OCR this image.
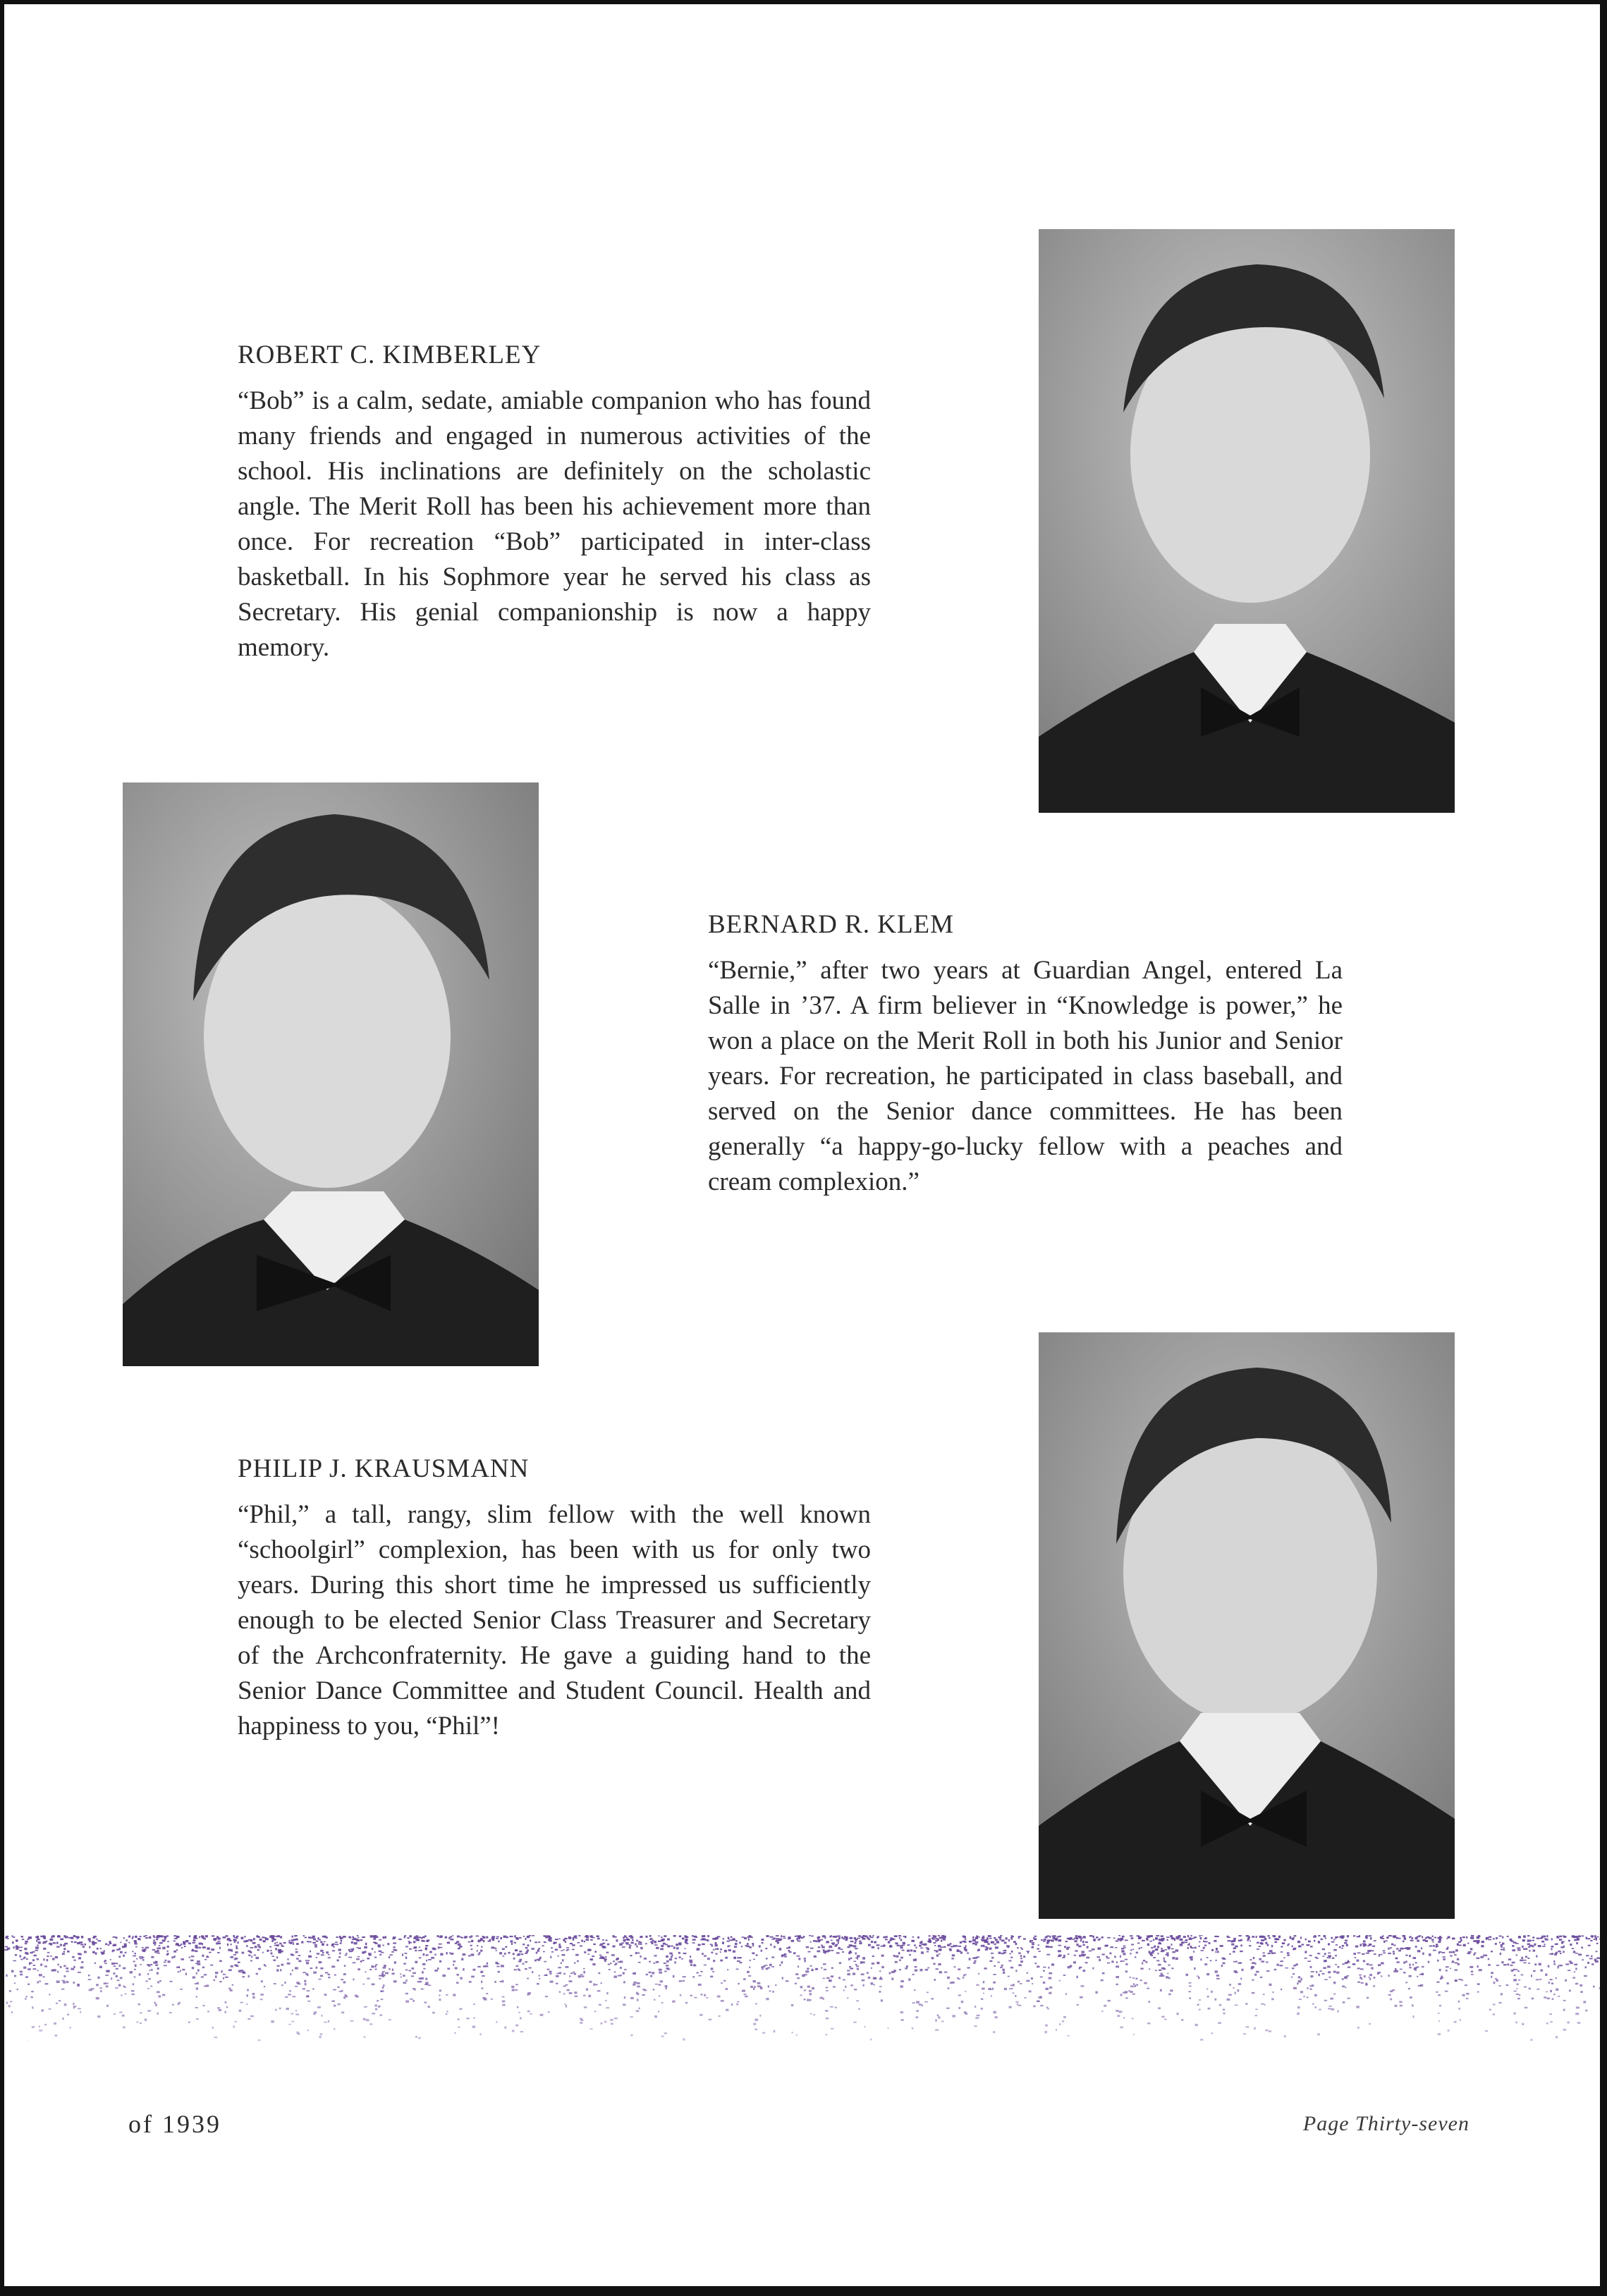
ROBERT C. KIMBERLEY
“Bob” is a calm, sedate, amiable companion who has found many friends and engaged in numerous activities of the school. His inclinations are definitely on the scholastic angle. The Merit Roll has been his achievement more than once. For recreation “Bob” participated in inter-class basketball. In his Sophmore year he served his class as Secretary. His genial companionship is now a happy memory.
BERNARD R. KLEM
“Bernie,” after two years at Guardian Angel, entered La Salle in ’37. A firm believer in “Knowledge is power,” he won a place on the Merit Roll in both his Junior and Senior years. For recreation, he participated in class baseball, and served on the Senior dance committees. He has been generally “a happy-go-lucky fellow with a peaches and cream complexion.”
PHILIP J. KRAUSMANN
“Phil,” a tall, rangy, slim fellow with the well known “schoolgirl” complexion, has been with us for only two years. During this short time he impressed us sufficiently enough to be elected Senior Class Treasurer and Secretary of the Archconfraternity. He gave a guiding hand to the Senior Dance Committee and Student Council. Health and happiness to you, “Phil”!
of 1939	Page Thirty-seven
